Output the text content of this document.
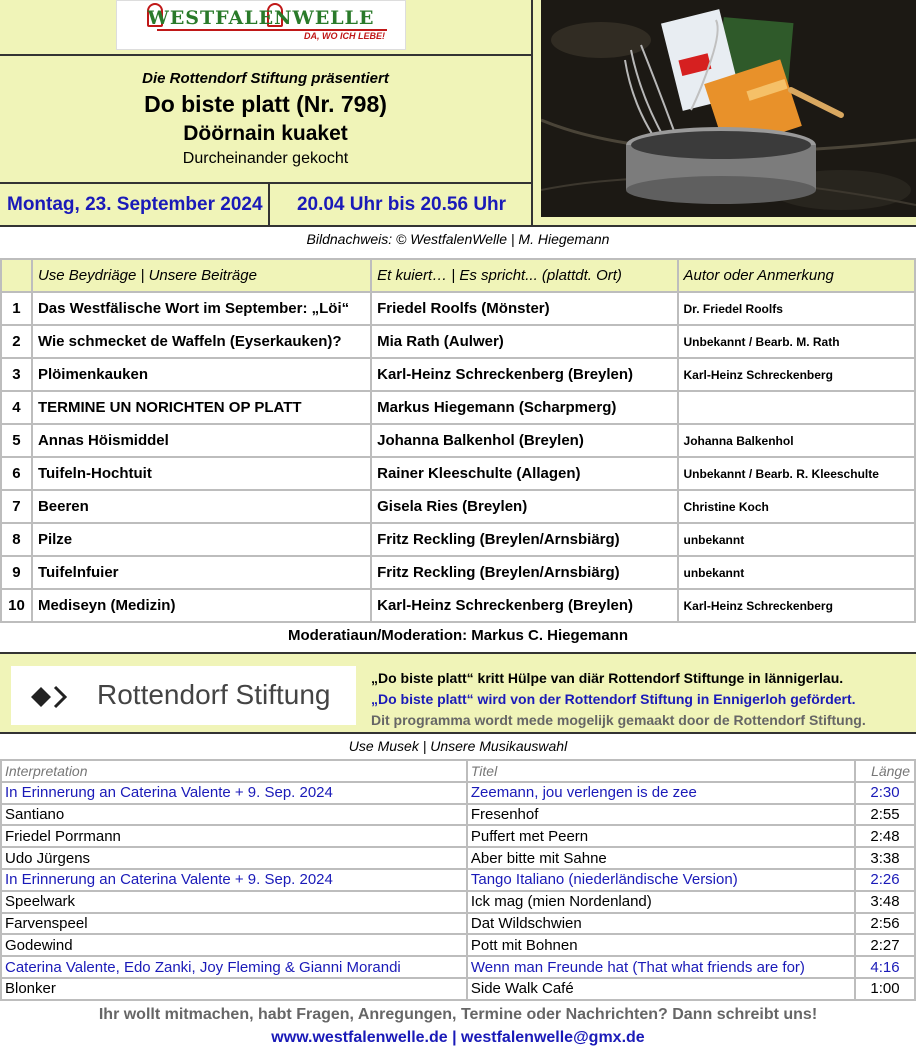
WESTFALENWELLE
DA, WO ICH LEBE!
Die Rottendorf Stiftung präsentiert
Do biste platt (Nr. 798)
Döörnain kuaket
Durcheinander gekocht
Montag, 23. September 2024	20.04 Uhr bis 20.56 Uhr
Bildnachweis: © WestfalenWelle | M. Hiegemann
	Use Beydriäge | Unsere Beiträge	Et kuiert… | Es spricht... (plattdt. Ort)	Autor oder Anmerkung
1	Das Westfälische Wort im September: „Löi“	Friedel Roolfs (Mönster)	Dr. Friedel Roolfs
2	Wie schmecket de Waffeln (Eyserkauken)?	Mia Rath (Aulwer)	Unbekannt / Bearb. M. Rath
3	Plöimenkauken	Karl-Heinz Schreckenberg (Breylen)	Karl-Heinz Schreckenberg
4	TERMINE UN NORICHTEN OP PLATT	Markus Hiegemann (Scharpmerg)	
5	Annas Höismiddel	Johanna Balkenhol (Breylen)	Johanna Balkenhol
6	Tuifeln-Hochtuit	Rainer Kleeschulte (Allagen)	Unbekannt / Bearb. R. Kleeschulte
7	Beeren	Gisela Ries (Breylen)	Christine Koch
8	Pilze	Fritz Reckling (Breylen/Arnsbiärg)	unbekannt
9	Tuifelnfuier	Fritz Reckling (Breylen/Arnsbiärg)	unbekannt
10	Mediseyn (Medizin)	Karl-Heinz Schreckenberg (Breylen)	Karl-Heinz Schreckenberg
Moderatiaun/Moderation: Markus C. Hiegemann
Rottendorf Stiftung
„Do biste platt“ kritt Hülpe van diär Rottendorf Stiftunge in lännigerlau.
„Do biste platt“ wird von der Rottendorf Stiftung in Ennigerloh gefördert.
Dit programma wordt mede mogelijk gemaakt door de Rottendorf Stiftung.
Use Musek | Unsere Musikauswahl
Interpretation	Titel	Länge
In Erinnerung an Caterina Valente + 9. Sep. 2024	Zeemann, jou verlengen is de zee	2:30
Santiano	Fresenhof	2:55
Friedel Porrmann	Puffert met Peern	2:48
Udo Jürgens	Aber bitte mit Sahne	3:38
In Erinnerung an Caterina Valente + 9. Sep. 2024	Tango Italiano (niederländische Version)	2:26
Speelwark	Ick mag (mien Nordenland)	3:48
Farvenspeel	Dat Wildschwien	2:56
Godewind	Pott mit Bohnen	2:27
Caterina Valente, Edo Zanki, Joy Fleming & Gianni Morandi	Wenn man Freunde hat (That what friends are for)	4:16
Blonker	Side Walk Café	1:00
Ihr wollt mitmachen, habt Fragen, Anregungen, Termine oder Nachrichten? Dann schreibt uns!
www.westfalenwelle.de | westfalenwelle@gmx.de
